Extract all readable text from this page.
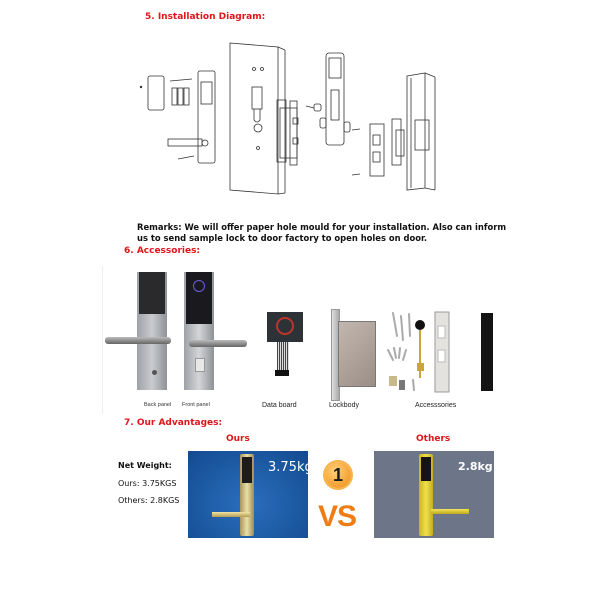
5. Installation Diagram:
Remarks: We will offer paper hole mould for your installation. Also can inform us to send sample lock to door factory to open holes on door.
6. Accessories:
Back panel Front panel	Data board	Lockbody	Accesssories
7. Our Advantages:
Ours	Others
Net Weight:
Ours: 3.75KGS
Others: 2.8KGS
3.75kg 1
VS
2.8kg
